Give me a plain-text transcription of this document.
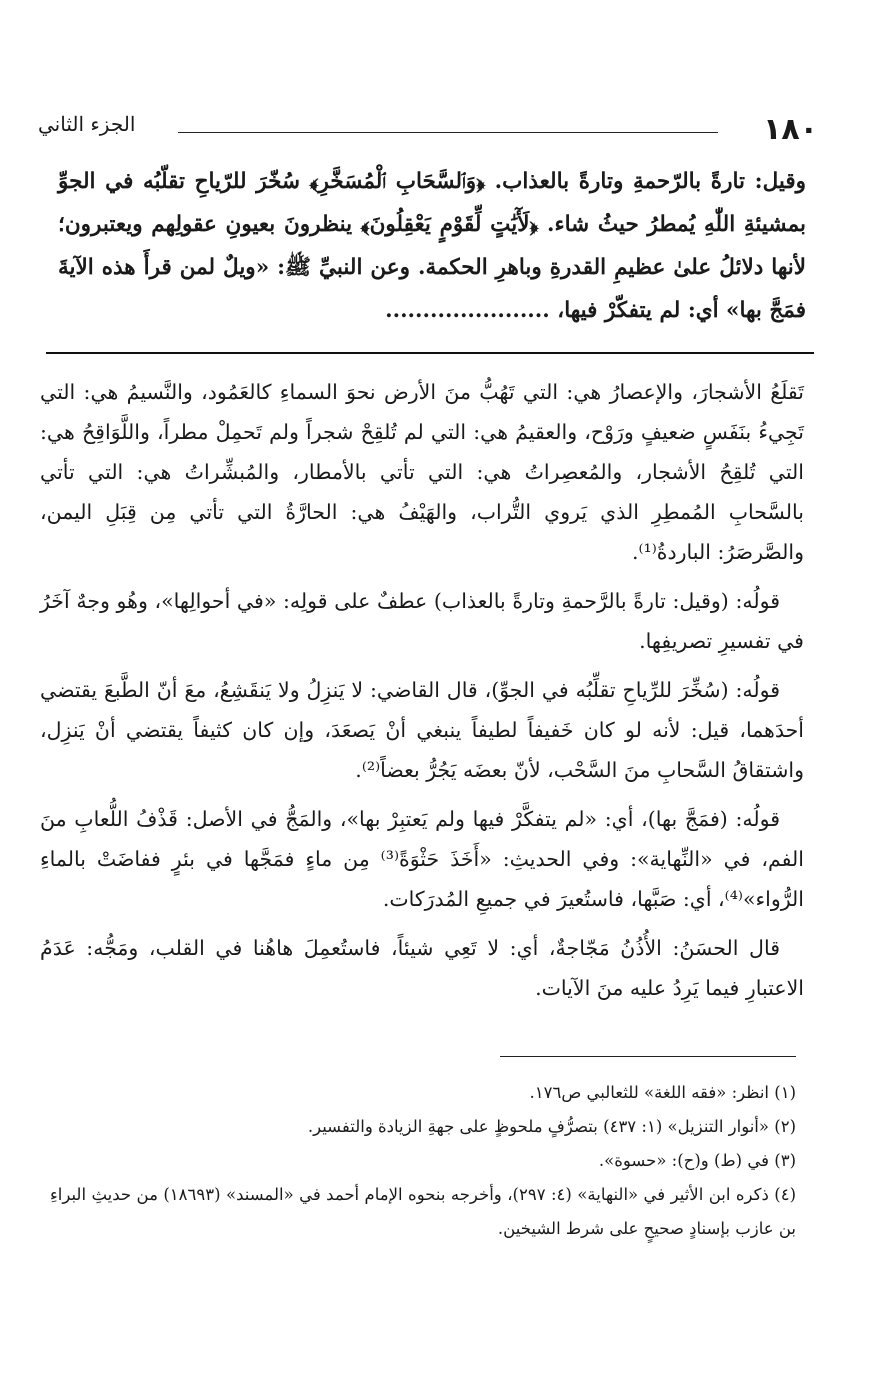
١٨٠
الجزء الثاني

وقيل: تارةً بالرّحمةِ وتارةً بالعذاب. ﴿وَٱلسَّحَابِ ٱلْمُسَخَّرِ﴾ سُخّرَ للرّياحِ تقلّبُه في الجوِّ بمشيئةِ اللّٰهِ يُمطرُ حيثُ شاء. ﴿لَأٓيَٰتٍ لِّقَوْمٍ يَعْقِلُونَ﴾ ينظرونَ بعيونِ عقولِهم ويعتبرون؛ لأنها دلائلُ علىٰ عظيمِ القدرةِ وباهرِ الحكمة. وعن النبيِّ ﷺ: «ويلٌ لمن قرأَ هذه الآيةَ فمَجَّ بها» أي: لم يتفكّرْ فيها، ......................

تَقلَعُ الأشجارَ، والإعصارُ هي: التي تَهُبُّ منَ الأرض نحوَ السماءِ كالعَمُود، والنَّسيمُ هي: التي تَجِيءُ بنَفَسٍ ضعيفٍ ورَوْح، والعقيمُ هي: التي لم تُلقِحْ شجراً ولم تَحمِلْ مطراً، واللَّوَاقِحُ هي: التي تُلقِحُ الأشجار، والمُعصِراتُ هي: التي تأتي بالأمطار، والمُبشِّراتُ هي: التي تأتي بالسَّحابِ المُمطِرِ الذي يَروي التُّراب، والهَيْفُ هي: الحارَّةُ التي تأتي مِن قِبَلِ اليمن، والصَّرصَرُ: الباردةُ⁽¹⁾.

قولُه: (وقيل: تارةً بالرَّحمةِ وتارةً بالعذاب) عطفٌ على قولِه: «في أحوالِها»، وهُو وجهٌ آخَرُ في تفسيرِ تصريفِها.

قولُه: (سُخِّرَ للرِّياحِ تقلِّبُه في الجوِّ)، قال القاضي: لا يَنزِلُ ولا يَنقَشِعُ، معَ أنّ الطَّبعَ يقتضي أحدَهما، قيل: لأنه لو كان خَفيفاً لطيفاً ينبغي أنْ يَصعَدَ، وإن كان كثيفاً يقتضي أنْ يَنزِل، واشتقاقُ السَّحابِ منَ السَّحْب، لأنّ بعضَه يَجُرُّ بعضاً⁽²⁾.

قولُه: (فمَجَّ بها)، أي: «لم يتفكَّرْ فيها ولم يَعتبِرْ بها»، والمَجُّ في الأصل: قَذْفُ اللُّعابِ منَ الفم، في «النِّهاية»: وفي الحديثِ: «أَخَذَ حَثْوَةً⁽³⁾ مِن ماءٍ فمَجَّها في بئرٍ ففاضَتْ بالماءِ الرُّواء»⁽⁴⁾، أي: صَبَّها، فاستُعيرَ في جميعِ المُدرَكات.

قال الحسَنُ: الأُذُنُ مَجّاجةٌ، أي: لا تَعِي شيئاً، فاستُعمِلَ هاهُنا في القلب، ومَجُّه: عَدَمُ الاعتبارِ فيما يَرِدُ عليه منَ الآيات.

(١) انظر: «فقه اللغة» للثعالبي ص١٧٦.

(٢) «أنوار التنزيل» (١: ٤٣٧) بتصرُّفٍ ملحوظٍ على جهةِ الزيادة والتفسير.

(٣) في (ط) و(ح): «حسوة».

(٤) ذكره ابن الأثير في «النهاية» (٤: ٢٩٧)، وأخرجه بنحوه الإمام أحمد في «المسند» (١٨٦٩٣) من حديثِ البراءِ بن عازب بإسنادٍ صحيحٍ على شرط الشيخين.
